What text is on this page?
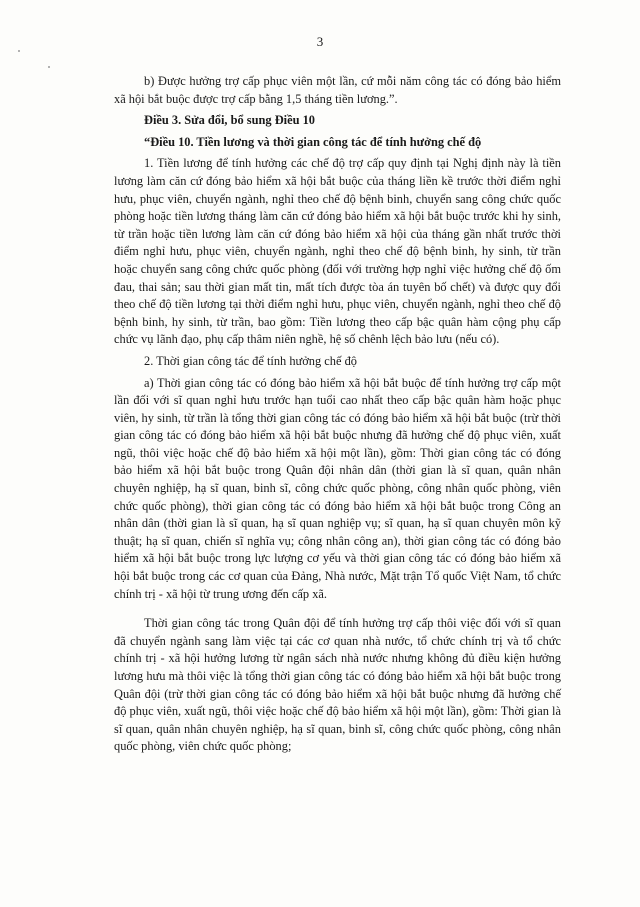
3

b) Được hưởng trợ cấp phục viên một lần, cứ mỗi năm công tác có đóng bảo hiểm xã hội bắt buộc được trợ cấp bằng 1,5 tháng tiền lương.”.

Điều 3. Sửa đổi, bổ sung Điều 10

“Điều 10. Tiền lương và thời gian công tác để tính hưởng chế độ

1. Tiền lương để tính hưởng các chế độ trợ cấp quy định tại Nghị định này là tiền lương làm căn cứ đóng bảo hiểm xã hội bắt buộc của tháng liền kề trước thời điểm nghỉ hưu, phục viên, chuyển ngành, nghỉ theo chế độ bệnh binh, chuyển sang công chức quốc phòng hoặc tiền lương tháng làm căn cứ đóng bảo hiểm xã hội bắt buộc trước khi hy sinh, từ trần hoặc tiền lương làm căn cứ đóng bảo hiểm xã hội của tháng gần nhất trước thời điểm nghỉ hưu, phục viên, chuyển ngành, nghỉ theo chế độ bệnh binh, hy sinh, từ trần hoặc chuyển sang công chức quốc phòng (đối với trường hợp nghỉ việc hưởng chế độ ốm đau, thai sản; sau thời gian mất tin, mất tích được tòa án tuyên bố chết) và được quy đổi theo chế độ tiền lương tại thời điểm nghỉ hưu, phục viên, chuyển ngành, nghỉ theo chế độ bệnh binh, hy sinh, từ trần, bao gồm: Tiền lương theo cấp bậc quân hàm cộng phụ cấp chức vụ lãnh đạo, phụ cấp thâm niên nghề, hệ số chênh lệch bảo lưu (nếu có).

2. Thời gian công tác để tính hưởng chế độ

a) Thời gian công tác có đóng bảo hiểm xã hội bắt buộc để tính hưởng trợ cấp một lần đối với sĩ quan nghỉ hưu trước hạn tuổi cao nhất theo cấp bậc quân hàm hoặc phục viên, hy sinh, từ trần là tổng thời gian công tác có đóng bảo hiểm xã hội bắt buộc (trừ thời gian công tác có đóng bảo hiểm xã hội bắt buộc nhưng đã hưởng chế độ phục viên, xuất ngũ, thôi việc hoặc chế độ bảo hiểm xã hội một lần), gồm: Thời gian công tác có đóng bảo hiểm xã hội bắt buộc trong Quân đội nhân dân (thời gian là sĩ quan, quân nhân chuyên nghiệp, hạ sĩ quan, binh sĩ, công chức quốc phòng, công nhân quốc phòng, viên chức quốc phòng), thời gian công tác có đóng bảo hiểm xã hội bắt buộc trong Công an nhân dân (thời gian là sĩ quan, hạ sĩ quan nghiệp vụ; sĩ quan, hạ sĩ quan chuyên môn kỹ thuật; hạ sĩ quan, chiến sĩ nghĩa vụ; công nhân công an), thời gian công tác có đóng bảo hiểm xã hội bắt buộc trong lực lượng cơ yếu và thời gian công tác có đóng bảo hiểm xã hội bắt buộc trong các cơ quan của Đảng, Nhà nước, Mặt trận Tổ quốc Việt Nam, tổ chức chính trị - xã hội từ trung ương đến cấp xã.

Thời gian công tác trong Quân đội để tính hưởng trợ cấp thôi việc đối với sĩ quan đã chuyển ngành sang làm việc tại các cơ quan nhà nước, tổ chức chính trị và tổ chức chính trị - xã hội hưởng lương từ ngân sách nhà nước nhưng không đủ điều kiện hưởng lương hưu mà thôi việc là tổng thời gian công tác có đóng bảo hiểm xã hội bắt buộc trong Quân đội (trừ thời gian công tác có đóng bảo hiểm xã hội bắt buộc nhưng đã hưởng chế độ phục viên, xuất ngũ, thôi việc hoặc chế độ bảo hiểm xã hội một lần), gồm: Thời gian là sĩ quan, quân nhân chuyên nghiệp, hạ sĩ quan, binh sĩ, công chức quốc phòng, công nhân quốc phòng, viên chức quốc phòng;
